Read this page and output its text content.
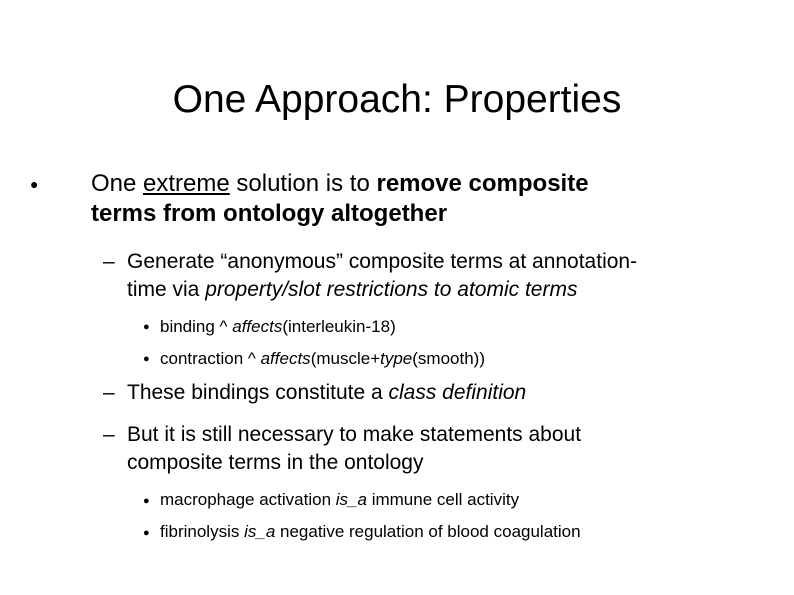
One Approach: Properties
● One extreme solution is to remove composite
terms from ontology altogether
– Generate “anonymous” composite terms at annotation-
time via property/slot restrictions to atomic terms
● binding ^ affects(interleukin-18)
● contraction ^ affects(muscle+type(smooth))
– These bindings constitute a class definition
– But it is still necessary to make statements about
composite terms in the ontology
● macrophage activation is_a immune cell activity
● fibrinolysis is_a negative regulation of blood coagulation
